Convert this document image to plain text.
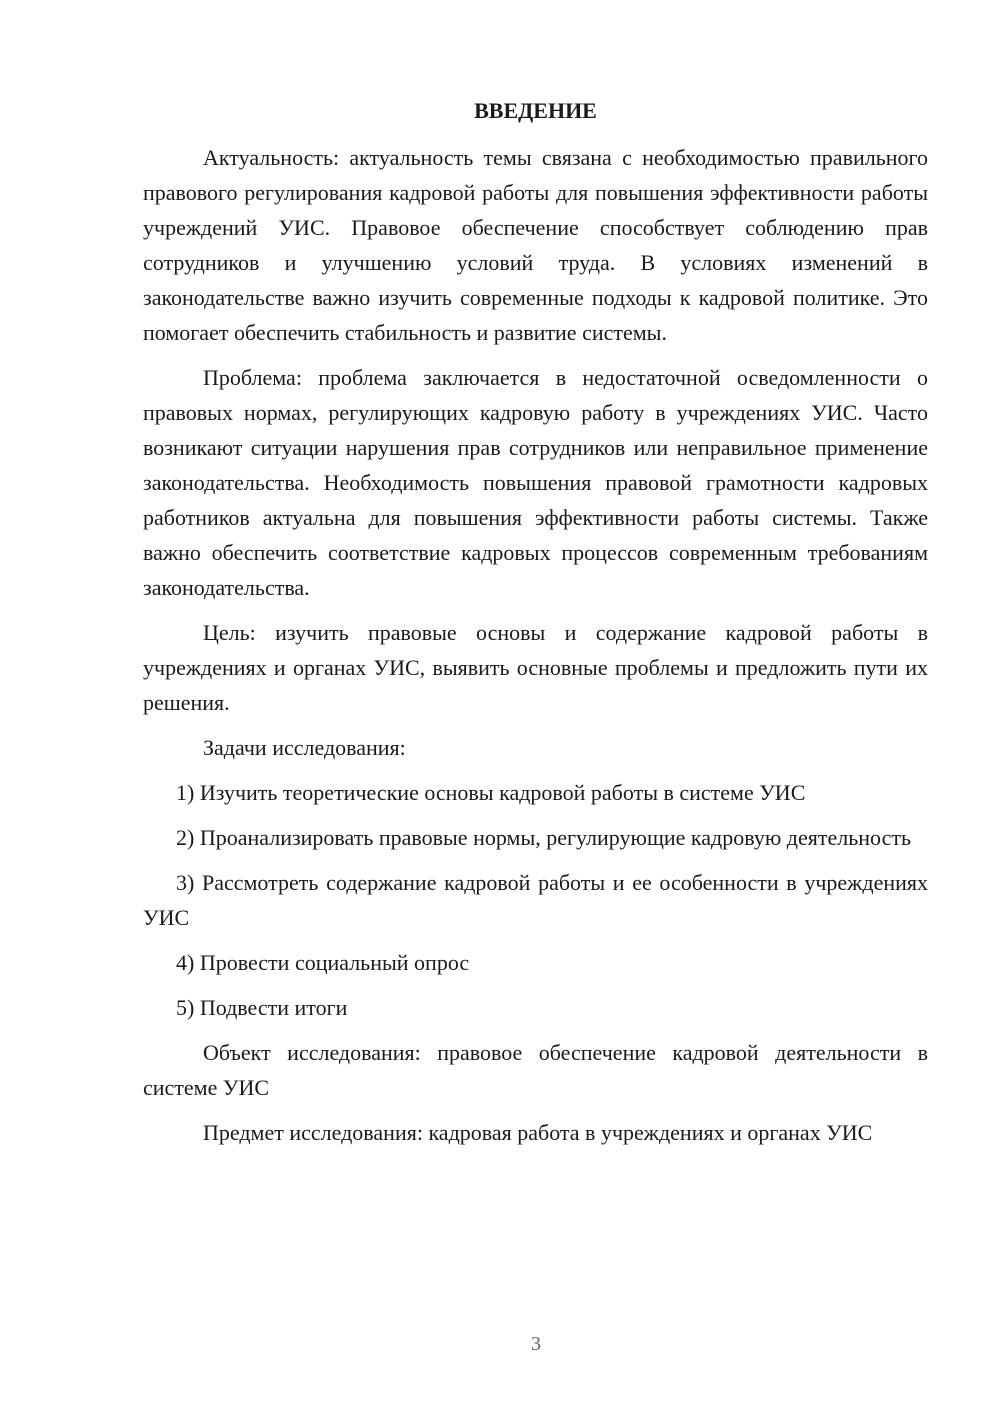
ВВЕДЕНИЕ

Актуальность: актуальность темы связана с необходимостью правильного правового регулирования кадровой работы для повышения эффективности работы учреждений УИС. Правовое обеспечение способствует соблюдению прав сотрудников и улучшению условий труда. В условиях изменений в законодательстве важно изучить современные подходы к кадровой политике. Это помогает обеспечить стабильность и развитие системы.

Проблема: проблема заключается в недостаточной осведомленности о правовых нормах, регулирующих кадровую работу в учреждениях УИС. Часто возникают ситуации нарушения прав сотрудников или неправильное применение законодательства. Необходимость повышения правовой грамотности кадровых работников актуальна для повышения эффективности работы системы. Также важно обеспечить соответствие кадровых процессов современным требованиям законодательства.

Цель: изучить правовые основы и содержание кадровой работы в учреждениях и органах УИС, выявить основные проблемы и предложить пути их решения.

Задачи исследования:

1) Изучить теоретические основы кадровой работы в системе УИС

2) Проанализировать правовые нормы, регулирующие кадровую деятельность

3) Рассмотреть содержание кадровой работы и ее особенности в учреждениях УИС

4) Провести социальный опрос

5) Подвести итоги

Объект исследования: правовое обеспечение кадровой деятельности в системе УИС

Предмет исследования: кадровая работа в учреждениях и органах УИС

3
